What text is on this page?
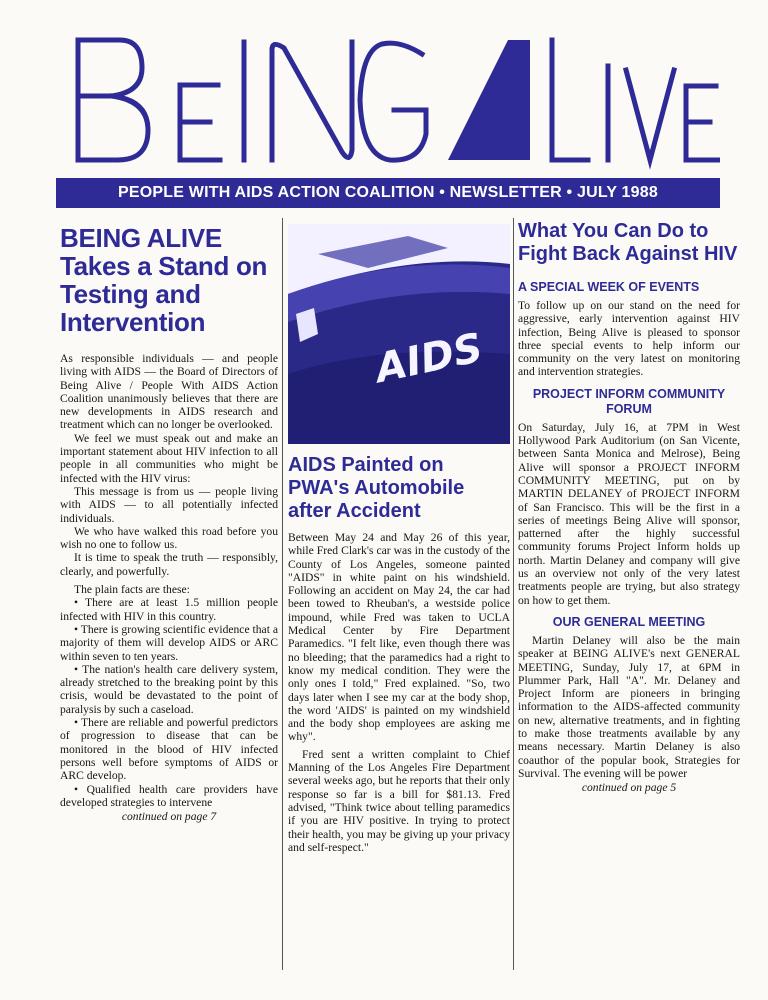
PEOPLE WITH AIDS ACTION COALITION • NEWSLETTER • JULY 1988
BEING ALIVE Takes a Stand on Testing and Intervention

As responsible individuals — and people living with AIDS — the Board of Directors of Being Alive / People With AIDS Action Coalition unanimously believes that there are new developments in AIDS research and treatment which can no longer be overlooked.

We feel we must speak out and make an important statement about HIV infection to all people in all communities who might be infected with the HIV virus:

This message is from us — people living with AIDS — to all potentially infected individuals.

We who have walked this road before you wish no one to follow us.

It is time to speak the truth — responsibly, clearly, and powerfully.

The plain facts are these:

• There are at least 1.5 million people infected with HIV in this country.

• There is growing scientific evidence that a majority of them will develop AIDS or ARC within seven to ten years.

• The nation's health care delivery system, already stretched to the breaking point by this crisis, would be devastated to the point of paralysis by such a caseload.

• There are reliable and powerful predictors of progression to disease that can be monitored in the blood of HIV infected persons well before symptoms of AIDS or ARC develop.

• Qualified health care providers have developed strategies to intervene

continued on page 7
AIDS
AIDS Painted on PWA's Automobile after Accident

Between May 24 and May 26 of this year, while Fred Clark's car was in the custody of the County of Los Angeles, someone painted "AIDS" in white paint on his windshield. Following an accident on May 24, the car had been towed to Rheuban's, a westside police impound, while Fred was taken to UCLA Medical Center by Fire Department Paramedics. "I felt like, even though there was no bleeding; that the paramedics had a right to know my medical condition. They were the only ones I told," Fred explained. "So, two days later when I see my car at the body shop, the word 'AIDS' is painted on my windshield and the body shop employees are asking me why".

Fred sent a written complaint to Chief Manning of the Los Angeles Fire Department several weeks ago, but he reports that their only response so far is a bill for $81.13. Fred advised, "Think twice about telling paramedics if you are HIV positive. In trying to protect their health, you may be giving up your privacy and self-respect."

What You Can Do to Fight Back Against HIV
A SPECIAL WEEK OF EVENTS

To follow up on our stand on the need for aggressive, early intervention against HIV infection, Being Alive is pleased to sponsor three special events to help inform our community on the very latest on monitoring and intervention strategies.

PROJECT INFORM COMMUNITY FORUM

On Saturday, July 16, at 7PM in West Hollywood Park Auditorium (on San Vicente, between Santa Monica and Melrose), Being Alive will sponsor a PROJECT INFORM COMMUNITY MEETING, put on by MARTIN DELANEY of PROJECT INFORM of San Francisco. This will be the first in a series of meetings Being Alive will sponsor, patterned after the highly successful community forums Project Inform holds up north. Martin Delaney and company will give us an overview not only of the very latest treatments people are trying, but also strategy on how to get them.

OUR GENERAL MEETING

Martin Delaney will also be the main speaker at BEING ALIVE's next GENERAL MEETING, Sunday, July 17, at 6PM in Plummer Park, Hall "A". Mr. Delaney and Project Inform are pioneers in bringing information to the AIDS-affected community on new, alternative treatments, and in fighting to make those treatments available by any means necessary. Martin Delaney is also coauthor of the popular book, Strategies for Survival. The evening will be power

continued on page 5
